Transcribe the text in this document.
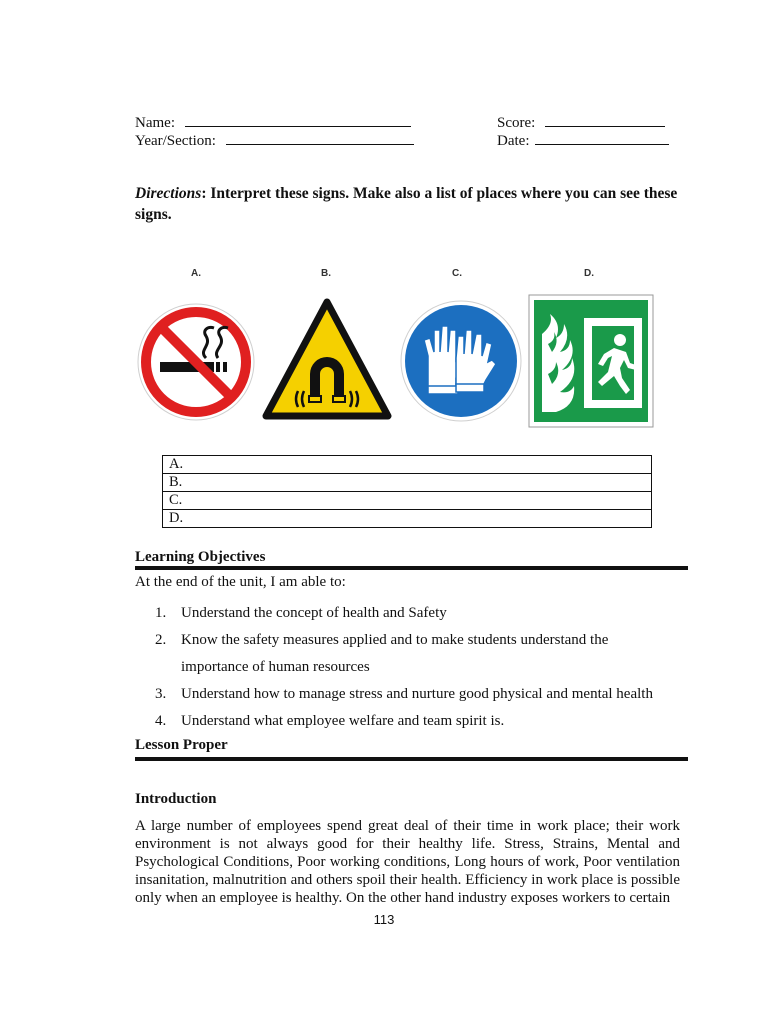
Name:
Year/Section:
Score:
Date:
Directions: Interpret these signs. Make also a list of places where you can see these signs.
A.	B.	C.	D.
A.
B.
C.
D.
Learning Objectives
At the end of the unit, I am able to:
1. Understand the concept of health and Safety
2. Know the safety measures applied and to make students understand the
importance of human resources
3. Understand how to manage stress and nurture good physical and mental health
4. Understand what employee welfare and team spirit is.
Lesson Proper
Introduction
A large number of employees spend great deal of their time in work place; their work environment is not always good for their healthy life. Stress, Strains, Mental and Psychological Conditions, Poor working conditions, Long hours of work, Poor ventilation insanitation, malnutrition and others spoil their health. Efficiency in work place is possible only when an employee is healthy. On the other hand industry exposes workers to certain
113
